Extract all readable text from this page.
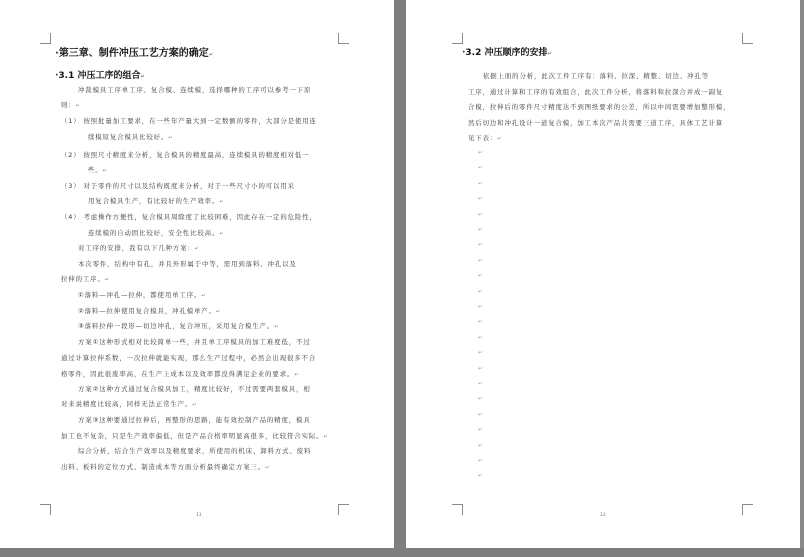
·第三章、制件冲压工艺方案的确定↵
·3.1 冲压工序的组合↵
冲裁模具工序单工序、复合模、连续模，选择哪种的工序可以参考一下原
则：↵
（1） 按照批量加工要求，在一些年产量大到一定数额的零件，大部分是使用连
续模原复合模具比较好。↵
（2） 按照尺寸精度来分析，复合模具的精度最高，连续模具的精度相对低一
些。↵
（3） 对于零件的尺寸以及结构既度来分析，对于一些尺寸小的可以用采
用复合模具生产，有比较好的生产效率。↵
（4） 考虑操作方便性，复合模具周除度了比较困难，因此存在一定的危险性，
连续模的自动固比较好，安全性比较高。↵
对工序的安排，我有以下几种方案：↵
本次零件，结构中有孔，并且外形属于中等，需用到落料、冲孔以及
拉伸的工序。↵
①落料—冲孔—拉伸，都使用单工序。↵
②落料—拉伸使用复合模具，冲孔模单产。↵
③落料拉伸一段形—切边冲孔，复合冲压，采用复合模生产。↵
方案①这种形式相对比较简单一些，并且单工序模具的加工难度低，不过
通过计算拉伸系数，一次拉伸就能实现，那么生产过程中，必然会出现很多不合
格零件，因此很废率高，在生产上成本以及效率都没得满足企业的要求。↵
方案②这种方式通过复合模具加工，精度比较好，不过需要两套模具，相
对来说精度比较高，同样无法正常生产。↵
方案③这种要通过拉伸后，再整形的思路，能有效控制产品的精度，模具
加工也不复杂，只是生产效率偏低，但是产品合格率明显高很多，比较符合实际。↵
综合分析，结合生产效率以及精度要求，所使用的机床、卸料方式、废料
出料、板料的定位方式、制造成本等方面分析最终确定方案三。↵
11
·3.2 冲压顺序的安排↵
依据上面的分析，此次工件工序有：落料、拉深、精整、切边、冲孔等
工序，通过计算和工序的有效组合，此次工件分析，将落料和拉深合并成一副复
合模，拉伸后的零件尺寸精度达不到图纸要求的公差，所以中间需要增加整形模，
然后切边和冲孔设计一道复合模，加工本次产品共需要三道工序，具体工艺计算
见下表：↵
↵
↵
↵
↵
↵
↵
↵
↵
↵
↵
↵
↵
↵
↵
↵
↵
↵
↵
↵
↵
↵
↵
12
